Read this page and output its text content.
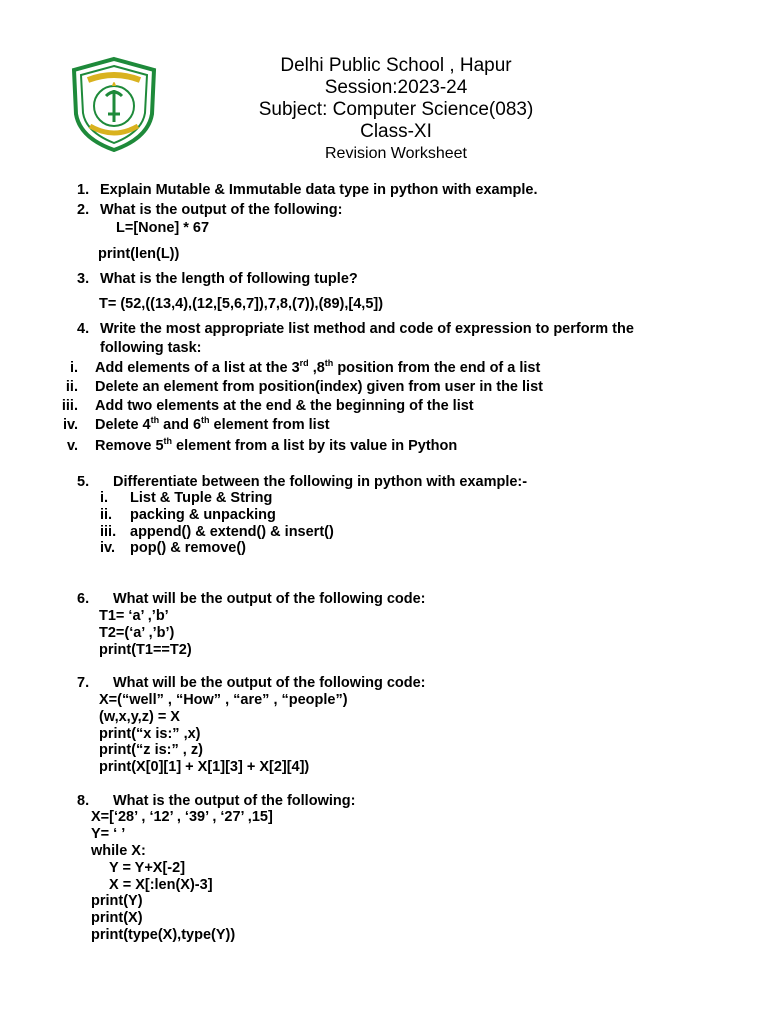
Delhi Public School , Hapur
Session:2023-24
Subject: Computer Science(083)
Class-XI
Revision Worksheet
1. Explain Mutable & Immutable data type in python with example.
2. What is the output of the following:
L=[None] * 67
print(len(L))
3. What is the length of following tuple?
T= (52,((13,4),(12,[5,6,7]),7,8,(7)),(89),[4,5])
4. Write the most appropriate list method and code of expression to perform the
following task:
i. Add elements of a list at the 3rd ,8th position from the end of a list
ii. Delete an element from position(index) given from user in the list
iii. Add two elements at the end & the beginning of the list
iv. Delete 4th and 6th element from list
v. Remove 5th element from a list by its value in Python
5. Differentiate between the following in python with example:-
i. List & Tuple & String
ii. packing & unpacking
iii. append() & extend() & insert()
iv. pop() & remove()
6. What will be the output of the following code:
T1= ‘a’ ,’b’
T2=(‘a’ ,’b’)
print(T1==T2)
7. What will be the output of the following code:
X=(“well” , “How” , “are” , “people”)
(w,x,y,z) = X
print(“x is:” ,x)
print(“z is:” , z)
print(X[0][1] + X[1][3] + X[2][4])
8. What is the output of the following:
X=[‘28’ , ‘12’ , ‘39’ , ‘27’ ,15]
Y= ‘ ’
while X:
Y = Y+X[-2]
X = X[:len(X)-3]
print(Y)
print(X)
print(type(X),type(Y))
